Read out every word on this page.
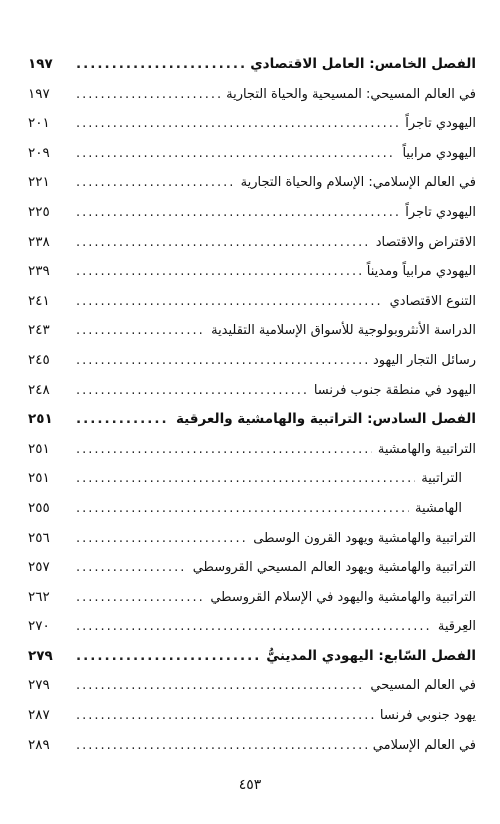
الفصل الخامس: العامل الاقتصادي
.....
١٩٧
في العالم المسيحي: المسيحية والحياة التجارية
.....
١٩٧
اليهودي تاجراً
.....
٢٠١
اليهودي مرابياً
.....
٢٠٩
في العالم الإسلامي: الإسلام والحياة التجارية
.....
٢٢١
اليهودي تاجراً
.....
٢٢٥
الاقتراض والاقتصاد
.....
٢٣٨
اليهودي مرابياً ومديناً
.....
٢٣٩
التنوع الاقتصادي
.....
٢٤١
الدراسة الأنثروبولوجية للأسواق الإسلامية التقليدية
.....
٢٤٣
رسائل التجار اليهود
.....
٢٤٥
اليهود في منطقة جنوب فرنسا
.....
٢٤٨
الفصل السادس: التراتبية والهامشية والعرقية
.....
٢٥١
التراتبية والهامشية
.....
٢٥١
التراتبية
.....
٢٥١
الهامشية
.....
٢٥٥
التراتبية والهامشية ويهود القرون الوسطى
.....
٢٥٦
التراتبية والهامشية ويهود العالم المسيحي القروسطي
.....
٢٥٧
التراتبية والهامشية واليهود في الإسلام القروسطي
.....
٢٦٢
العِرقية
.....
٢٧٠
الفصل السّابع: اليهودي المدينيُّ
.....
٢٧٩
في العالم المسيحي
.....
٢٧٩
يهود جنوبي فرنسا
.....
٢٨٧
في العالم الإسلامي
.....
٢٨٩
٤٥٣
